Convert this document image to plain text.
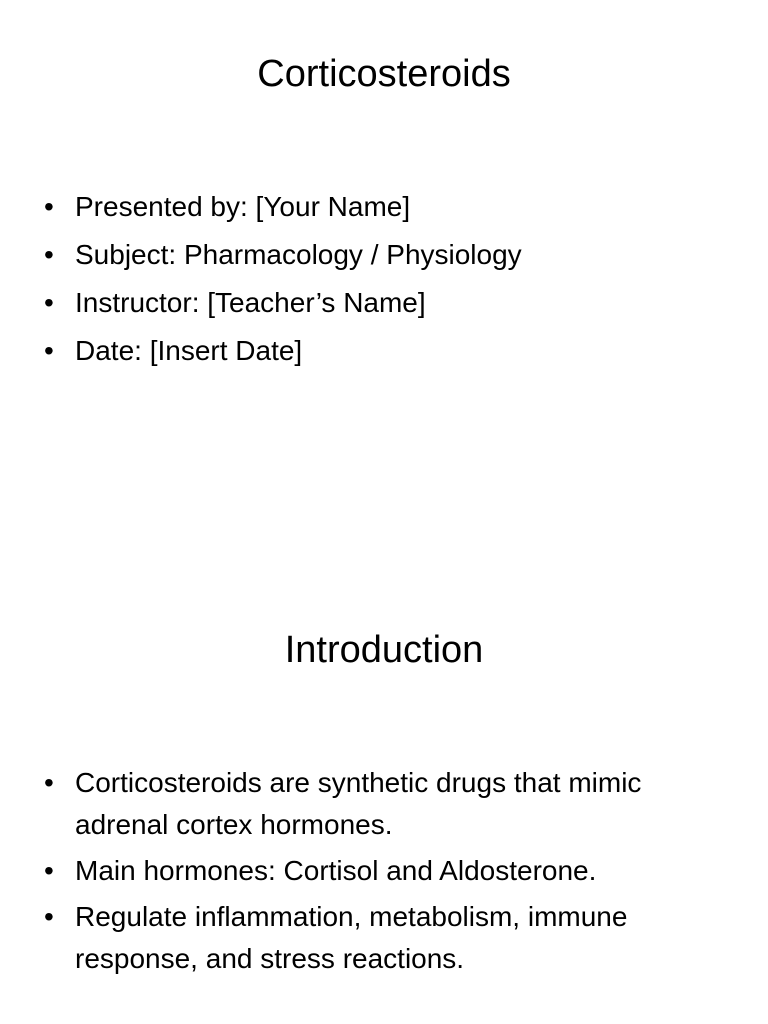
Corticosteroids
• Presented by: [Your Name]
• Subject: Pharmacology / Physiology
• Instructor: [Teacher’s Name]
• Date: [Insert Date]
Introduction
• Corticosteroids are synthetic drugs that mimic adrenal cortex hormones.
• Main hormones: Cortisol and Aldosterone.
• Regulate inflammation, metabolism, immune response, and stress reactions.
